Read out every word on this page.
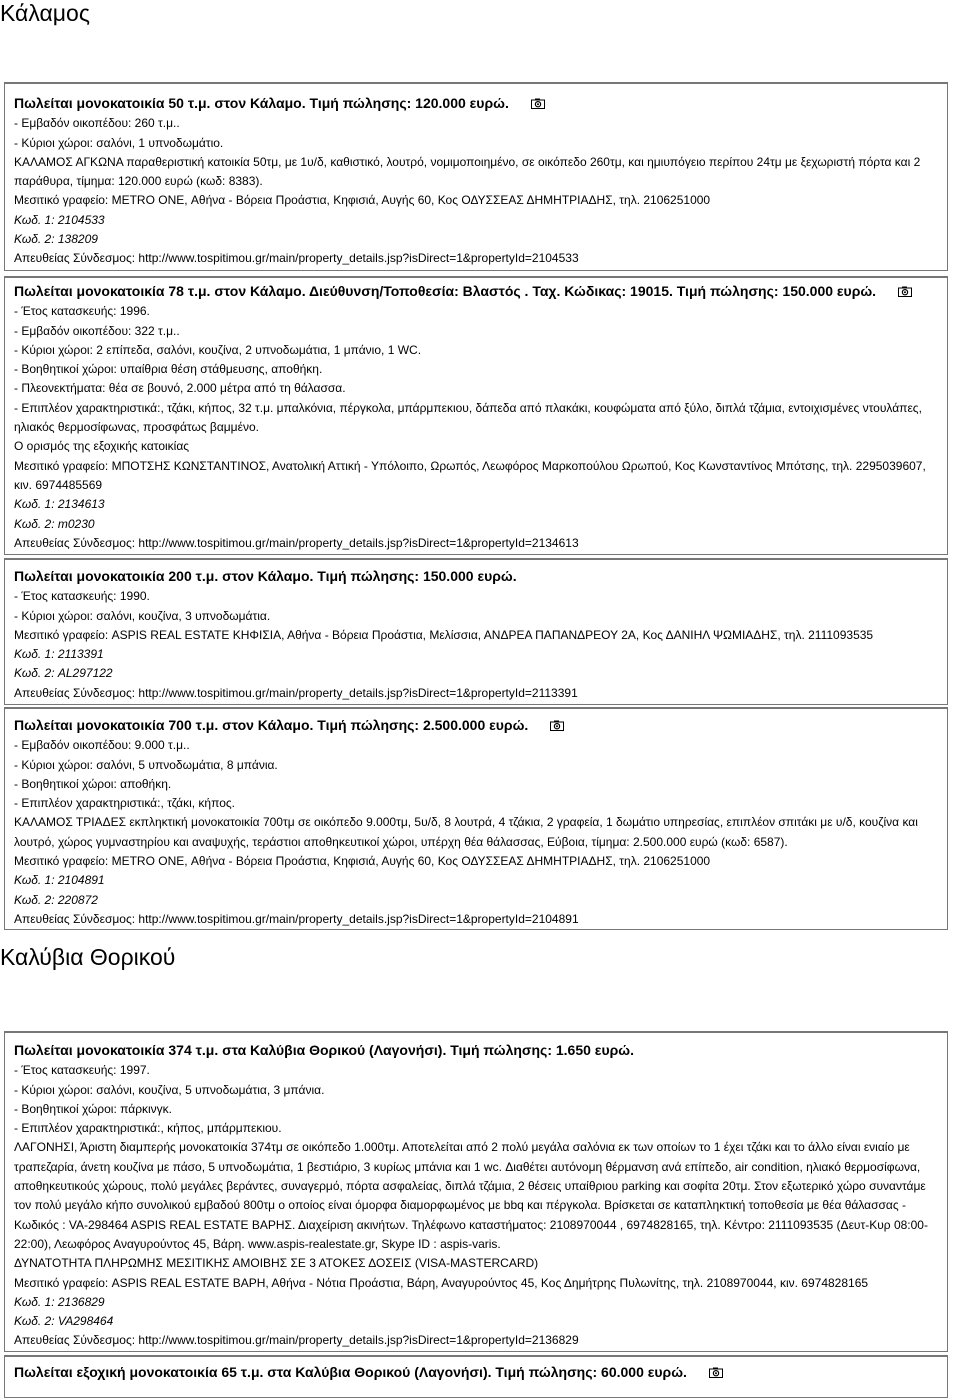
Κάλαμος
Πωλείται μονοκατοικία 50 τ.μ. στον Κάλαμο. Τιμή πώλησης: 120.000 ευρώ.

- Εμβαδόν οικοπέδου: 260 τ.μ..

- Κύριοι χώροι: σαλόνι, 1 υπνοδωμάτιο.

ΚΑΛΑΜΟΣ ΑΓΚΩΝΑ παραθεριστική κατοικία 50τμ, με 1υ/δ, καθιστικό, λουτρό, νομιμοποιημένο, σε οικόπεδο 260τμ, και ημιυπόγειο περίπου 24τμ με ξεχωριστή πόρτα και 2 παράθυρα, τίμημα: 120.000 ευρώ (κωδ: 8383).

Μεσιτικό γραφείο: METRO ONE, Αθήνα - Βόρεια Προάστια, Κηφισιά, Αυγής 60, Κος ΟΔΥΣΣΕΑΣ ΔΗΜΗΤΡΙΑΔΗΣ, τηλ. 2106251000

Κωδ. 1: 2104533

Κωδ. 2: 138209

Απευθείας Σύνδεσμος: http://www.tospitimou.gr/main/property_details.jsp?isDirect=1&propertyId=2104533

Πωλείται μονοκατοικία 78 τ.μ. στον Κάλαμο. Διεύθυνση/Τοποθεσία: Βλαστός . Ταχ. Κώδικας: 19015. Τιμή πώλησης: 150.000 ευρώ.

- Έτος κατασκευής: 1996.

- Εμβαδόν οικοπέδου: 322 τ.μ..

- Κύριοι χώροι: 2 επίπεδα, σαλόνι, κουζίνα, 2 υπνοδωμάτια, 1 μπάνιο, 1 WC.

- Βοηθητικοί χώροι: υπαίθρια θέση στάθμευσης, αποθήκη.

- Πλεονεκτήματα: θέα σε βουνό, 2.000 μέτρα από τη θάλασσα.

- Επιπλέον χαρακτηριστικά:, τζάκι, κήπος, 32 τ.μ. μπαλκόνια, πέργκολα, μπάρμπεκιου, δάπεδα από πλακάκι, κουφώματα από ξύλο, διπλά τζάμια, εντοιχισμένες ντουλάπες, ηλιακός θερμοσίφωνας, προσφάτως βαμμένο.

Ο ορισμός της εξοχικής κατοικίας

Μεσιτικό γραφείο: ΜΠΟΤΣΗΣ ΚΩΝΣΤΑΝΤΙΝΟΣ, Ανατολική Αττική - Υπόλοιπο, Ωρωπός, Λεωφόρος Μαρκοπούλου Ωρωπού, Κος Κωνσταντίνος Μπότσης, τηλ. 2295039607, κιν. 6974485569

Κωδ. 1: 2134613

Κωδ. 2: m0230

Απευθείας Σύνδεσμος: http://www.tospitimou.gr/main/property_details.jsp?isDirect=1&propertyId=2134613

Πωλείται μονοκατοικία 200 τ.μ. στον Κάλαμο. Τιμή πώλησης: 150.000 ευρώ.

- Έτος κατασκευής: 1990.

- Κύριοι χώροι: σαλόνι, κουζίνα, 3 υπνοδωμάτια.

Μεσιτικό γραφείο: ASPIS REAL ESTATE ΚΗΦΙΣΙΑ, Αθήνα - Βόρεια Προάστια, Μελίσσια, ΑΝΔΡΕΑ ΠΑΠΑΝΔΡΕΟΥ 2Α, Κος ΔΑΝΙΗΛ ΨΩΜΙΑΔΗΣ, τηλ. 2111093535

Κωδ. 1: 2113391

Κωδ. 2: AL297122

Απευθείας Σύνδεσμος: http://www.tospitimou.gr/main/property_details.jsp?isDirect=1&propertyId=2113391

Πωλείται μονοκατοικία 700 τ.μ. στον Κάλαμο. Τιμή πώλησης: 2.500.000 ευρώ.

- Εμβαδόν οικοπέδου: 9.000 τ.μ..

- Κύριοι χώροι: σαλόνι, 5 υπνοδωμάτια, 8 μπάνια.

- Βοηθητικοί χώροι: αποθήκη.

- Επιπλέον χαρακτηριστικά:, τζάκι, κήπος.

ΚΑΛΑΜΟΣ ΤΡΙΑΔΕΣ εκπληκτική μονοκατοικία 700τμ σε οικόπεδο 9.000τμ, 5υ/δ, 8 λουτρά, 4 τζάκια, 2 γραφεία, 1 δωμάτιο υπηρεσίας, επιπλέον σπιτάκι με υ/δ, κουζίνα και λουτρό, χώρος γυμναστηρίου και αναψυχής, τεράστιοι αποθηκευτικοί χώροι, υπέρχη θέα θάλασσας, Εύβοια, τίμημα: 2.500.000 ευρώ (κωδ: 6587).

Μεσιτικό γραφείο: METRO ONE, Αθήνα - Βόρεια Προάστια, Κηφισιά, Αυγής 60, Κος ΟΔΥΣΣΕΑΣ ΔΗΜΗΤΡΙΑΔΗΣ, τηλ. 2106251000

Κωδ. 1: 2104891

Κωδ. 2: 220872

Απευθείας Σύνδεσμος: http://www.tospitimou.gr/main/property_details.jsp?isDirect=1&propertyId=2104891

Καλύβια Θορικού
Πωλείται μονοκατοικία 374 τ.μ. στα Καλύβια Θορικού (Λαγονήσι). Τιμή πώλησης: 1.650 ευρώ.

- Έτος κατασκευής: 1997.

- Κύριοι χώροι: σαλόνι, κουζίνα, 5 υπνοδωμάτια, 3 μπάνια.

- Βοηθητικοί χώροι: πάρκινγκ.

- Επιπλέον χαρακτηριστικά:, κήπος, μπάρμπεκιου.

ΛΑΓΟΝΗΣΙ, Άριστη διαμπερής μονοκατοικία 374τμ σε οικόπεδο 1.000τμ. Αποτελείται από 2 πολύ μεγάλα σαλόνια εκ των οποίων το 1 έχει τζάκι και το άλλο είναι ενιαίο με τραπεζαρία, άνετη κουζίνα με πάσο, 5 υπνοδωμάτια, 1 βεστιάριο, 3 κυρίως μπάνια και 1 wc. Διαθέτει αυτόνομη θέρμανση ανά επίπεδο, air condition, ηλιακό θερμοσίφωνα, αποθηκευτικούς χώρους, πολύ μεγάλες βεράντες, συναγερμό, πόρτα ασφαλείας, διπλά τζάμια, 2 θέσεις υπαίθριου parking και σοφίτα 20τμ. Στον εξωτερικό χώρο συναντάμε τον πολύ μεγάλο κήπο συνολικού εμβαδού 800τμ ο οποίος είναι όμορφα διαμορφωμένος με bbq και πέργκολα. Βρίσκεται σε καταπληκτική τοποθεσία με θέα θάλασσας - Κωδικός : VA-298464 ASPIS REAL ESTATE ΒΑΡΗΣ. Διαχείριση ακινήτων. Τηλέφωνο καταστήματος: 2108970044 , 6974828165, τηλ. Κέντρο: 2111093535 (Δευτ-Κυρ 08:00-22:00), Λεωφόρος Αναγυρούντος 45, Βάρη. www.aspis-realestate.gr, Skype ID : aspis-varis.

ΔΥΝΑΤΟΤΗΤΑ ΠΛΗΡΩΜΗΣ ΜΕΣΙΤΙΚΗΣ ΑΜΟΙΒΗΣ ΣΕ 3 ΑΤΟΚΕΣ ΔΟΣΕΙΣ (VISA-MASTERCARD)

Μεσιτικό γραφείο: ASPIS REAL ESTATE ΒΑΡΗ, Αθήνα - Νότια Προάστια, Βάρη, Αναγυρούντος 45, Κος Δημήτρης Πυλωνίτης, τηλ. 2108970044, κιν. 6974828165

Κωδ. 1: 2136829

Κωδ. 2: VA298464

Απευθείας Σύνδεσμος: http://www.tospitimou.gr/main/property_details.jsp?isDirect=1&propertyId=2136829

Πωλείται εξοχική μονοκατοικία 65 τ.μ. στα Καλύβια Θορικού (Λαγονήσι). Τιμή πώλησης: 60.000 ευρώ.
